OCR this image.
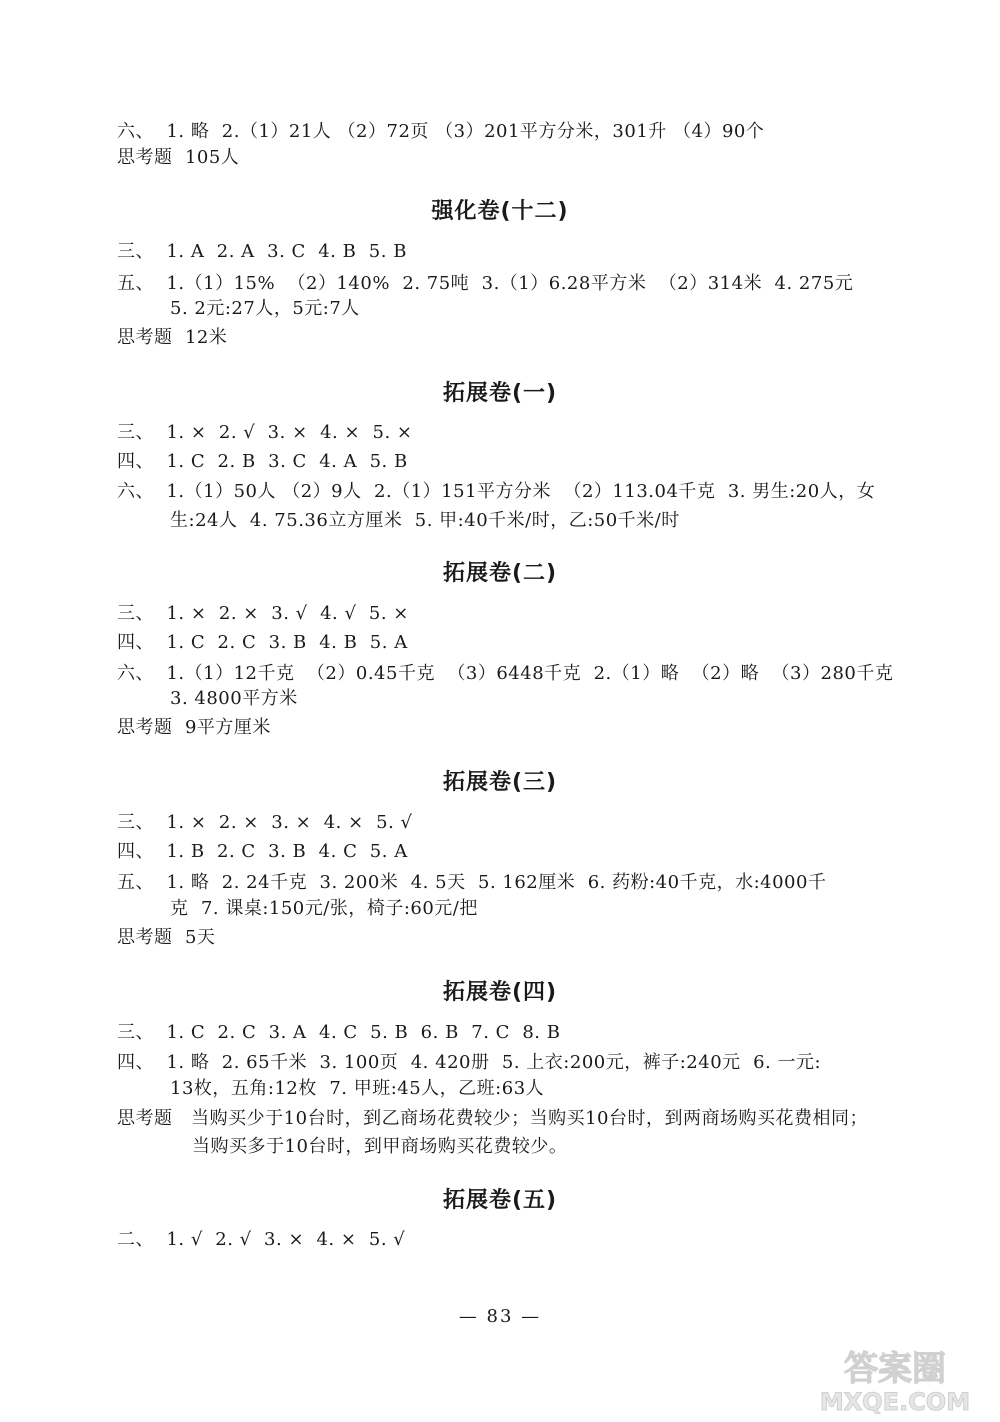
六、  1. 略  2.（1）21人 （2）72页 （3）201平方分米，301升 （4）90个
思考题  105人
强化卷(十二)
三、  1. A  2. A  3. C  4. B  5. B
五、  1.（1）15%  （2）140%  2. 75吨  3.（1）6.28平方米  （2）314米  4. 275元
5. 2元:27人，5元:7人
思考题  12米
拓展卷(一)
三、  1. ×  2. √  3. ×  4. ×  5. ×
四、  1. C  2. B  3. C  4. A  5. B
六、  1.（1）50人 （2）9人  2.（1）151平方分米  （2）113.04千克  3. 男生:20人，女
生:24人  4. 75.36立方厘米  5. 甲:40千米/时，乙:50千米/时
拓展卷(二)
三、  1. ×  2. ×  3. √  4. √  5. ×
四、  1. C  2. C  3. B  4. B  5. A
六、  1.（1）12千克  （2）0.45千克  （3）6448千克  2.（1）略  （2）略  （3）280千克
3. 4800平方米
思考题  9平方厘米
拓展卷(三)
三、  1. ×  2. ×  3. ×  4. ×  5. √
四、  1. B  2. C  3. B  4. C  5. A
五、  1. 略  2. 24千克  3. 200米  4. 5天  5. 162厘米  6. 药粉:40千克，水:4000千
克  7. 课桌:150元/张，椅子:60元/把
思考题  5天
拓展卷(四)
三、  1. C  2. C  3. A  4. C  5. B  6. B  7. C  8. B
四、  1. 略  2. 65千米  3. 100页  4. 420册  5. 上衣:200元，裤子:240元  6. 一元:
13枚，五角:12枚  7. 甲班:45人，乙班:63人
思考题   当购买少于10台时，到乙商场花费较少；当购买10台时，到两商场购买花费相同；
当购买多于10台时，到甲商场购买花费较少。
拓展卷(五)
二、  1. √  2. √  3. ×  4. ×  5. √
— 83 —
答案圈
MXQE.COM
